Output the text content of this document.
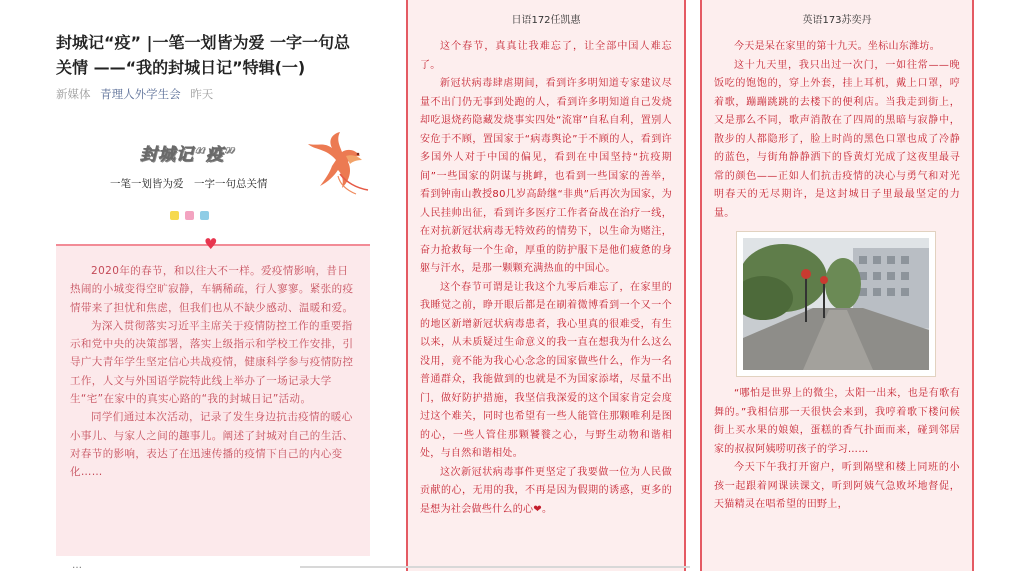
封城记“疫” |一笔一划皆为爱 一字一句总关情 ——“我的封城日记”特辑(一)
新媒体 青理人外学生会 昨天
封城记“疫”
一笔一划皆为爱　一字一句总关情

2020年的春节，和以往大不一样。爱疫情影响，昔日热闹的小城变得空旷寂静，车辆稀疏，行人寥寥。紧张的疫情带来了担忧和焦虑，但我们也从不缺少感动、温暖和爱。

为深入贯彻落实习近平主席关于疫情防控工作的重要指示和党中央的决策部署，落实上级指示和学校工作安排，引导广大青年学生坚定信心共战疫情，健康科学参与疫情防控工作，人文与外国语学院特此线上举办了一场记录大学生“宅”在家中的真实心路的“我的封城日记”活动。

同学们通过本次活动，记录了发生身边抗击疫情的暖心小事儿、与家人之间的趣事儿。阐述了封城对自己的生活、对春节的影响，表达了在迅速传播的疫情下自己的内心变化……

♥
…
日语172任凯惠

这个春节，真真让我难忘了，让全部中国人难忘了。

新冠状病毒肆虐期间，看到许多明知道专家建议尽量不出门仍无事到处跑的人，看到许多明知道自己发烧却吃退烧药隐藏发烧事实四处“流窜”自私自利，置别人安危于不顾，置国家于“病毒舆论”于不顾的人，看到许多国外人对于中国的偏见，看到在中国坚持“抗疫期间”一些国家的阴谋与挑衅，也看到一些国家的善举，看到钟南山教授80几岁高龄继“非典”后再次为国家，为人民挂帅出征，看到许多医疗工作者奋战在治疗一线，在对抗新冠状病毒无特效药的情势下，以生命为赌注，奋力抢救每一个生命，厚重的防护服下是他们疲惫的身躯与汗水，是那一颗颗充满热血的中国心。

这个春节可谓是让我这个九零后难忘了，在家里的我睡觉之前，睁开眼后都是在刷着微博看到一个又一个的地区新增新冠状病毒患者，我心里真的很难受，有生以来，从未质疑过生命意义的我一直在想我为什么这么没用，竟不能为我心心念念的国家做些什么，作为一名普通群众，我能做到的也就是不为国家添堵，尽量不出门，做好防护措施，我坚信我深爱的这个国家肯定会度过这个难关，同时也希望有一些人能管住那颗唯利是图的心，一些人管住那颗饕餮之心，与野生动物和谐相处，与自然和谐相处。

这次新冠状病毒事件更坚定了我要做一位为人民做贡献的心，无用的我，不再是因为假期的诱惑，更多的是想为社会做些什么的心❤。

英语173苏奕丹

今天是呆在家里的第十九天。坐标山东潍坊。

这十九天里，我只出过一次门，一如往常——晚饭吃的饱饱的，穿上外套，挂上耳机，戴上口罩，哼着歌，蹦蹦跳跳的去楼下的便利店。当我走到街上，又是那么不同，歌声消散在了四周的黑暗与寂静中，散步的人都隐形了，脸上时尚的黑色口罩也成了冷静的蓝色，与街角静静洒下的昏黄灯光成了这夜里最寻常的颜色——正如人们抗击疫情的决心与勇气和对光明春天的无尽期许，是这封城日子里最最坚定的力量。

“哪怕是世界上的微尘，太阳一出来，也是有歌有舞的。”我相信那一天很快会来到，我哼着歌下楼问候街上买水果的娘娘，蛋糕的香气扑面而来，碰到邻居家的叔叔阿姨唠叨孩子的学习……

今天下午我打开窗户，听到隔壁和楼上同班的小孩一起跟着网课读课文，听到阿姨气急败坏地督促，天猫精灵在唱希望的田野上，
